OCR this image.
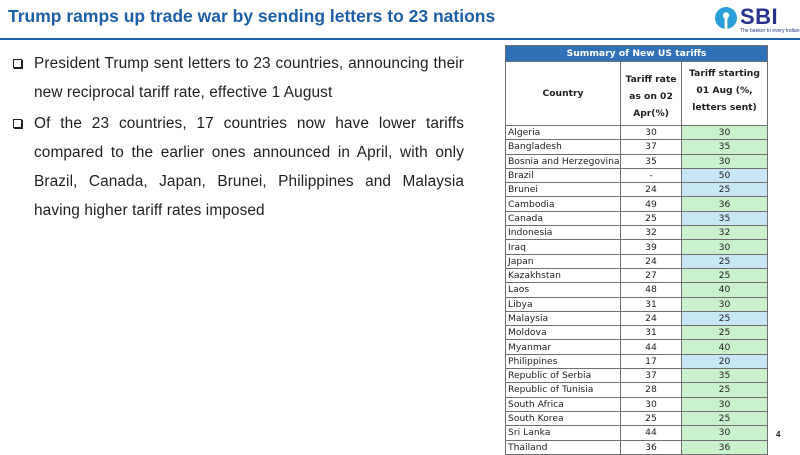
Trump ramps up trade war by sending letters to 23 nations	SBI
The banker to every Indian
President Trump sent letters to 23 countries, announcing their new reciprocal tariff rate, effective 1 August
Of the 23 countries, 17 countries now have lower tariffs compared to the earlier ones announced in April, with only Brazil, Canada, Japan, Brunei, Philippines and Malaysia having higher tariff rates imposed
Summary of New US tariffs		
Country	Tariff rate as on 02 Apr(%)	Tariff starting 01 Aug (%, letters sent)
Algeria	30	30
Bangladesh	37	35
Bosnia and Herzegovina	35	30
Brazil	-	50
Brunei	24	25
Cambodia	49	36
Canada	25	35
Indonesia	32	32
Iraq	39	30
Japan	24	25
Kazakhstan	27	25
Laos	48	40
Libya	31	30
Malaysia	24	25
Moldova	31	25
Myanmar	44	40
Philippines	17	20
Republic of Serbia	37	35
Republic of Tunisia	28	25
South Africa	30	30
South Korea	25	25
Sri Lanka	44	30
Thailand	36	36
4
